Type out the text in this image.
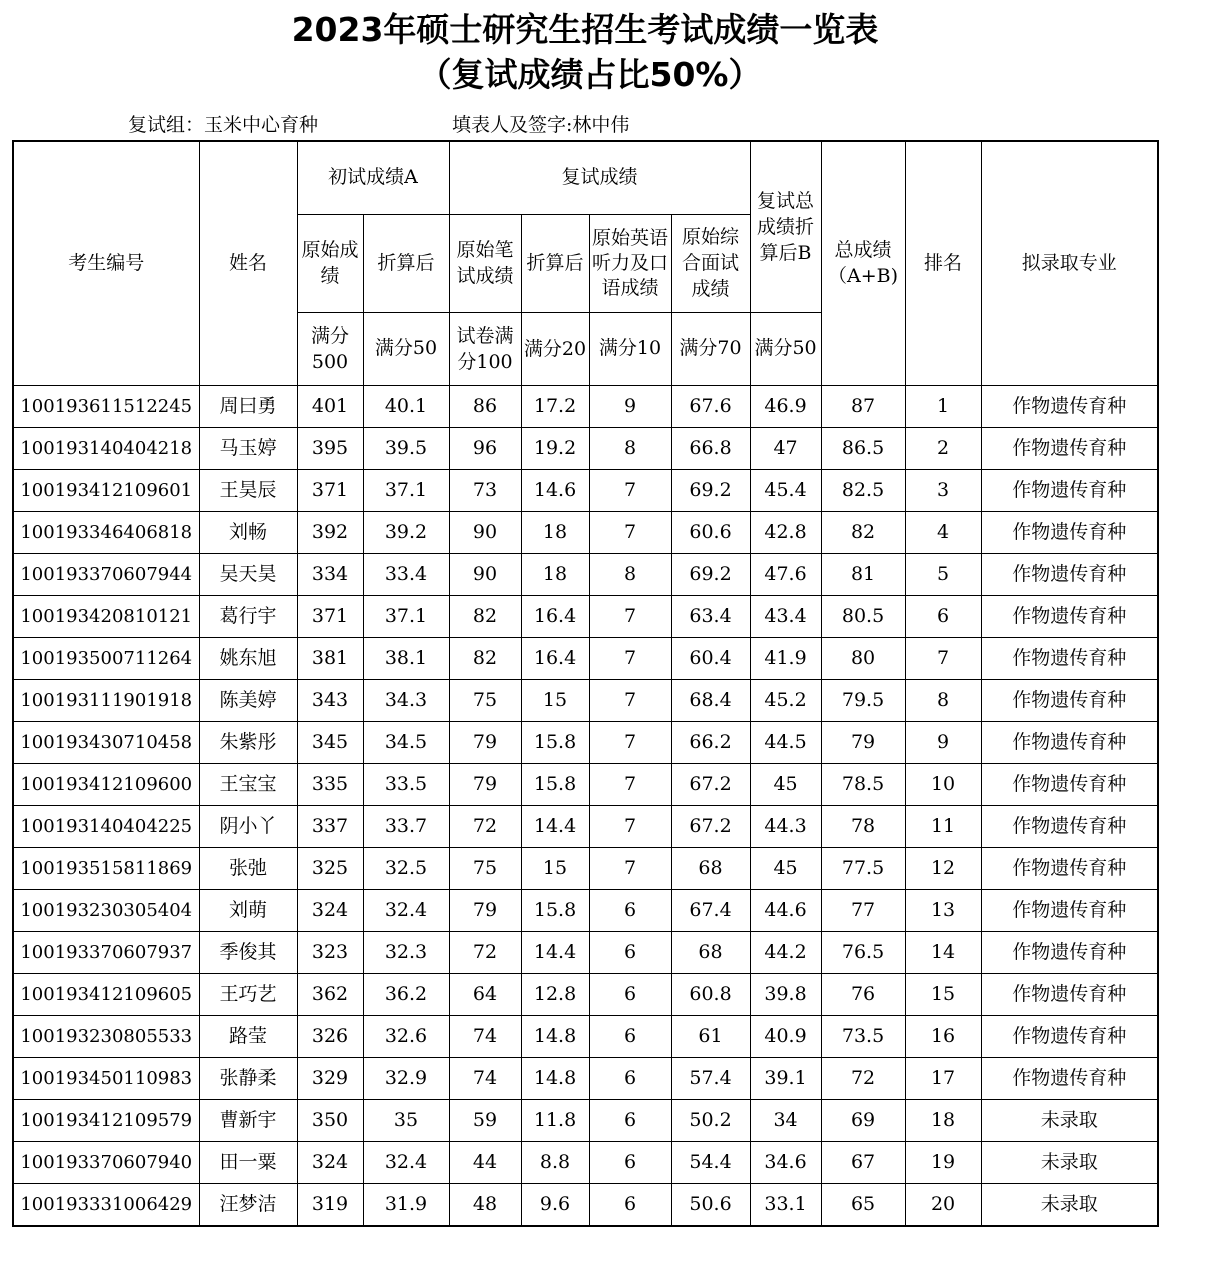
2023年硕士研究生招生考试成绩一览表
（复试成绩占比50%）
复试组：玉米中心育种	填表人及签字:林中伟
考生编号	姓名	初试成绩A		复试成绩				复试总成绩折算后B	总成绩（A+B)	排名	拟录取专业
		原始成绩	折算后	原始笔试成绩	折算后	原始英语听力及口语成绩	原始综合面试成绩				
		满分500	满分50	试卷满分100	满分20	满分10	满分70	满分50			
100193611512245	周曰勇	401	40.1	86	17.2	9	67.6	46.9	87	1	作物遗传育种
100193140404218	马玉婷	395	39.5	96	19.2	8	66.8	47	86.5	2	作物遗传育种
100193412109601	王昊辰	371	37.1	73	14.6	7	69.2	45.4	82.5	3	作物遗传育种
100193346406818	刘畅	392	39.2	90	18	7	60.6	42.8	82	4	作物遗传育种
100193370607944	吴天昊	334	33.4	90	18	8	69.2	47.6	81	5	作物遗传育种
100193420810121	葛行宇	371	37.1	82	16.4	7	63.4	43.4	80.5	6	作物遗传育种
100193500711264	姚东旭	381	38.1	82	16.4	7	60.4	41.9	80	7	作物遗传育种
100193111901918	陈美婷	343	34.3	75	15	7	68.4	45.2	79.5	8	作物遗传育种
100193430710458	朱紫彤	345	34.5	79	15.8	7	66.2	44.5	79	9	作物遗传育种
100193412109600	王宝宝	335	33.5	79	15.8	7	67.2	45	78.5	10	作物遗传育种
100193140404225	阴小丫	337	33.7	72	14.4	7	67.2	44.3	78	11	作物遗传育种
100193515811869	张弛	325	32.5	75	15	7	68	45	77.5	12	作物遗传育种
100193230305404	刘萌	324	32.4	79	15.8	6	67.4	44.6	77	13	作物遗传育种
100193370607937	季俊其	323	32.3	72	14.4	6	68	44.2	76.5	14	作物遗传育种
100193412109605	王巧艺	362	36.2	64	12.8	6	60.8	39.8	76	15	作物遗传育种
100193230805533	路莹	326	32.6	74	14.8	6	61	40.9	73.5	16	作物遗传育种
100193450110983	张静柔	329	32.9	74	14.8	6	57.4	39.1	72	17	作物遗传育种
100193412109579	曹新宇	350	35	59	11.8	6	50.2	34	69	18	未录取
100193370607940	田一粟	324	32.4	44	8.8	6	54.4	34.6	67	19	未录取
100193331006429	汪梦洁	319	31.9	48	9.6	6	50.6	33.1	65	20	未录取
